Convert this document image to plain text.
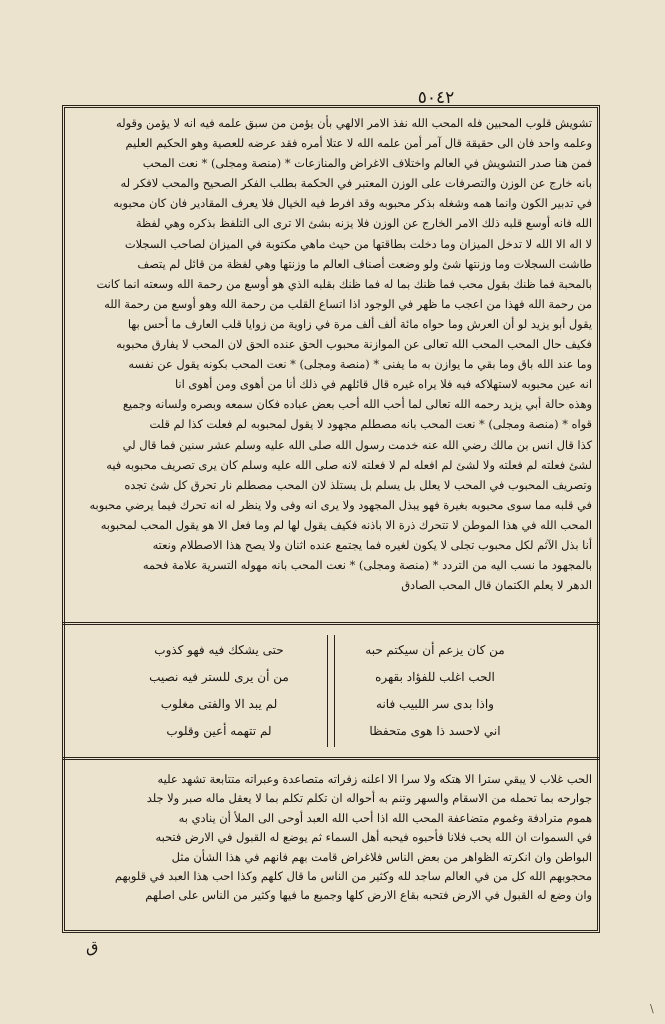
٥٠٤٢

تشويش قلوب المحبين فله المحب الله نفذ الامر الالهي بأن يؤمن من سبق علمه فيه انه لا يؤمن وقوله

وعلمه واحد فان الى حقيقة قال آمر أمن علمه الله لا عتلا أمره فقد عرضه للعصية وهو الحكيم العليم

فمن هنا صدر التشويش في العالم واختلاف الاغراض والمنازعات * (منصة ومجلى) * نعت المحب

بانه خارج عن الوزن والتصرفات على الوزن المعتبر في الحكمة بطلب الفكر الصحيح والمحب لافكر له

في تدبير الكون وانما همه وشغله بذكر محبوبه وقد افرط فيه الخيال فلا يعرف المقادير فان كان محبوبه

الله فانه أوسع قلبه ذلك الامر الخارج عن الوزن فلا يزنه بشئ الا ترى الى التلفظ بذكره وهي لفظة

لا اله الا الله لا تدخل الميزان وما دخلت بطاقتها من حيث ماهي مكتوبة في الميزان لصاحب السجلات

طاشت السجلات وما وزنتها شئ ولو وضعت أصناف العالم ما وزنتها وهي لفظة من قائل لم يتصف

بالمحبة فما ظنك بقول محب فما ظنك بما له فما ظنك بقلبه الذي هو أوسع من رحمة الله وسعته انما كانت

من رحمة الله فهذا من اعجب ما ظهر في الوجود اذا اتساع القلب من رحمة الله وهو أوسع من رحمة الله

يقول أبو يزيد لو أن العرش وما حواه مائة ألف ألف مرة في زاوية من زوايا قلب العارف ما أحس بها

فكيف حال المحب المحب الله تعالى عن الموازنة محبوب الحق عنده الحق لان المحب لا يفارق محبوبه

وما عند الله باق وما بقي ما يوازن به ما يفنى * (منصة ومجلى) * نعت المحب بكونه يقول عن نفسه

انه عين محبوبه لاستهلاكه فيه فلا يراه غيره قال قائلهم في ذلك أنا من أهوى ومن أهوى انا

وهذه حالة أبي يزيد رحمه الله تعالى لما أحب الله أحب بعض عباده فكان سمعه وبصره ولسانه وجميع

قواه * (منصة ومجلى) * نعت المحب بانه مصطلم مجهود لا يقول لمحبوبه لم فعلت كذا لم قلت

كذا قال انس بن مالك رضي الله عنه خدمت رسول الله صلى الله عليه وسلم عشر سنين فما قال لي

لشئ فعلته لم فعلته ولا لشئ لم افعله لم لا فعلته لانه صلى الله عليه وسلم كان يرى تصريف محبوبه فيه

وتصريف المحبوب في المحب لا يعلل بل يسلم بل يستلذ لان المحب مصطلم نار تحرق كل شئ تجده

في قلبه مما سوى محبوبه بغيرة فهو يبذل المجهود ولا يرى انه وفى ولا ينظر له انه تحرك فيما يرضي محبوبه

المحب الله في هذا الموطن لا تتحرك ذرة الا باذنه فكيف يقول لها لم وما فعل الا هو يقول المحب لمحبوبه

أنا بذل الآثم لكل محبوب تجلى لا يكون لغيره فما يجتمع عنده اثنان ولا يصح هذا الاصطلام ونعته

بالمجهود ما نسب اليه من التردد * (منصة ومجلى) * نعت المحب بانه مهوله التسرية علامة فحمه

الدهر لا يعلم الكتمان قال المحب الصادق

من كان يزعم أن سيكتم حبه
الحب اغلب للفؤاد بقهره
واذا بدى سر اللبيب فانه
اني لاحسد ذا هوى متحفظا
حتى يشكك فيه فهو كذوب
من أن يرى للستر فيه نصيب
لم يبد الا والفتى مغلوب
لم تتهمه أعين وقلوب

الحب غلاب لا يبقي سترا الا هتكه ولا سرا الا اعلنه زفراته متصاعدة وعبراته متتابعة تشهد عليه

جوارحه بما تحمله من الاسقام والسهر وتنم به أحواله ان تكلم تكلم بما لا يعقل ماله صبر ولا جلد

هموم مترادفة وغموم متضاعفة المحب الله اذا أحب الله العبد أوحى الى الملأ أن ينادي به

في السموات ان الله يحب فلانا فأحبوه فيحبه أهل السماء ثم يوضع له القبول في الارض فتحبه

البواطن وان انكرته الظواهر من بعض الناس فلاغراض قامت بهم فانهم في هذا الشأن مثل

محجوبهم الله كل من في العالم ساجد لله وكثير من الناس ما قال كلهم وكذا احب هذا العبد في قلوبهم

وان وضع له القبول في الارض فتحبه بقاع الارض كلها وجميع ما فيها وكثير من الناس على اصلهم

ق
\
